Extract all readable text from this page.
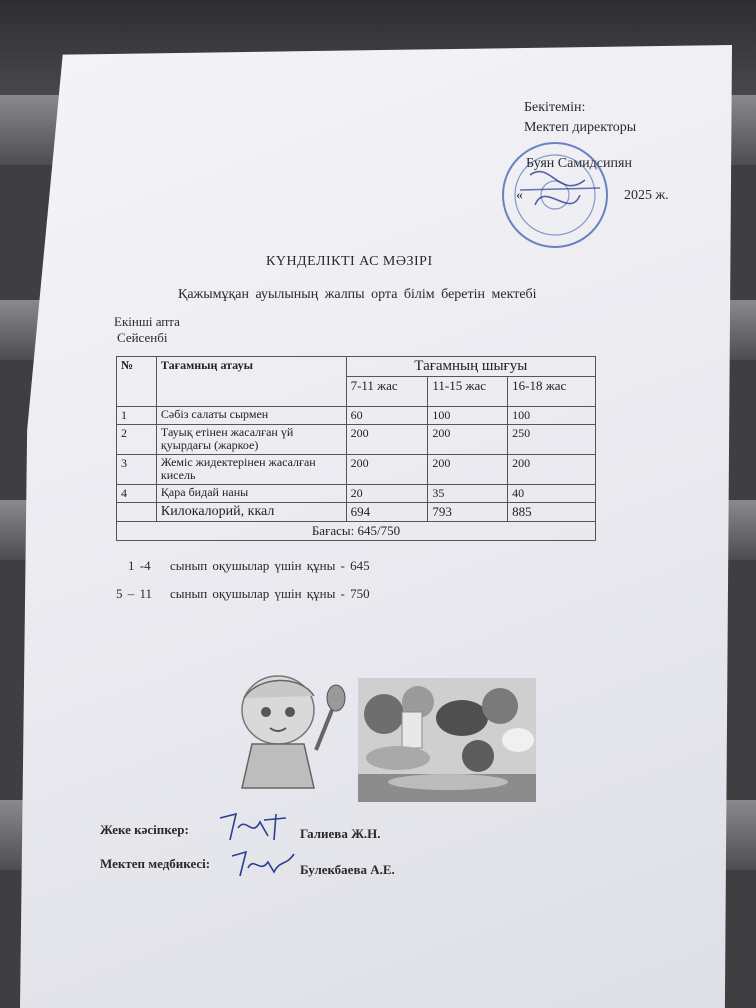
Бекітемін:
Мектеп директоры
Буян Самидсипян
«	2025 ж.
КҮНДЕЛІКТІ АС МӘЗІРІ
Қажымұқан ауылының жалпы орта білім беретін мектебі
Екінші апта
Сейсенбі
№	Тағамның атауы	Тағамның шығуы		
		7-11 жас	11-15 жас	16-18 жас
1	Сәбіз салаты сырмен	60	100	100
2	Тауық етінен жасалған үй қуырдағы (жаркое)	200	200	250
3	Жеміс жидектерінен жасалған кисель	200	200	200
4	Қара бидай наны	20	35	40
	Килокалорий, ккал	694	793	885
Бағасы: 645/750				
1 -4 сынып оқушылар үшін құны - 645
5 – 11 сынып оқушылар үшін құны - 750
Жеке кәсіпкер:	Галиева Ж.Н.
Мектеп медбикесі:	Булекбаева А.Е.
